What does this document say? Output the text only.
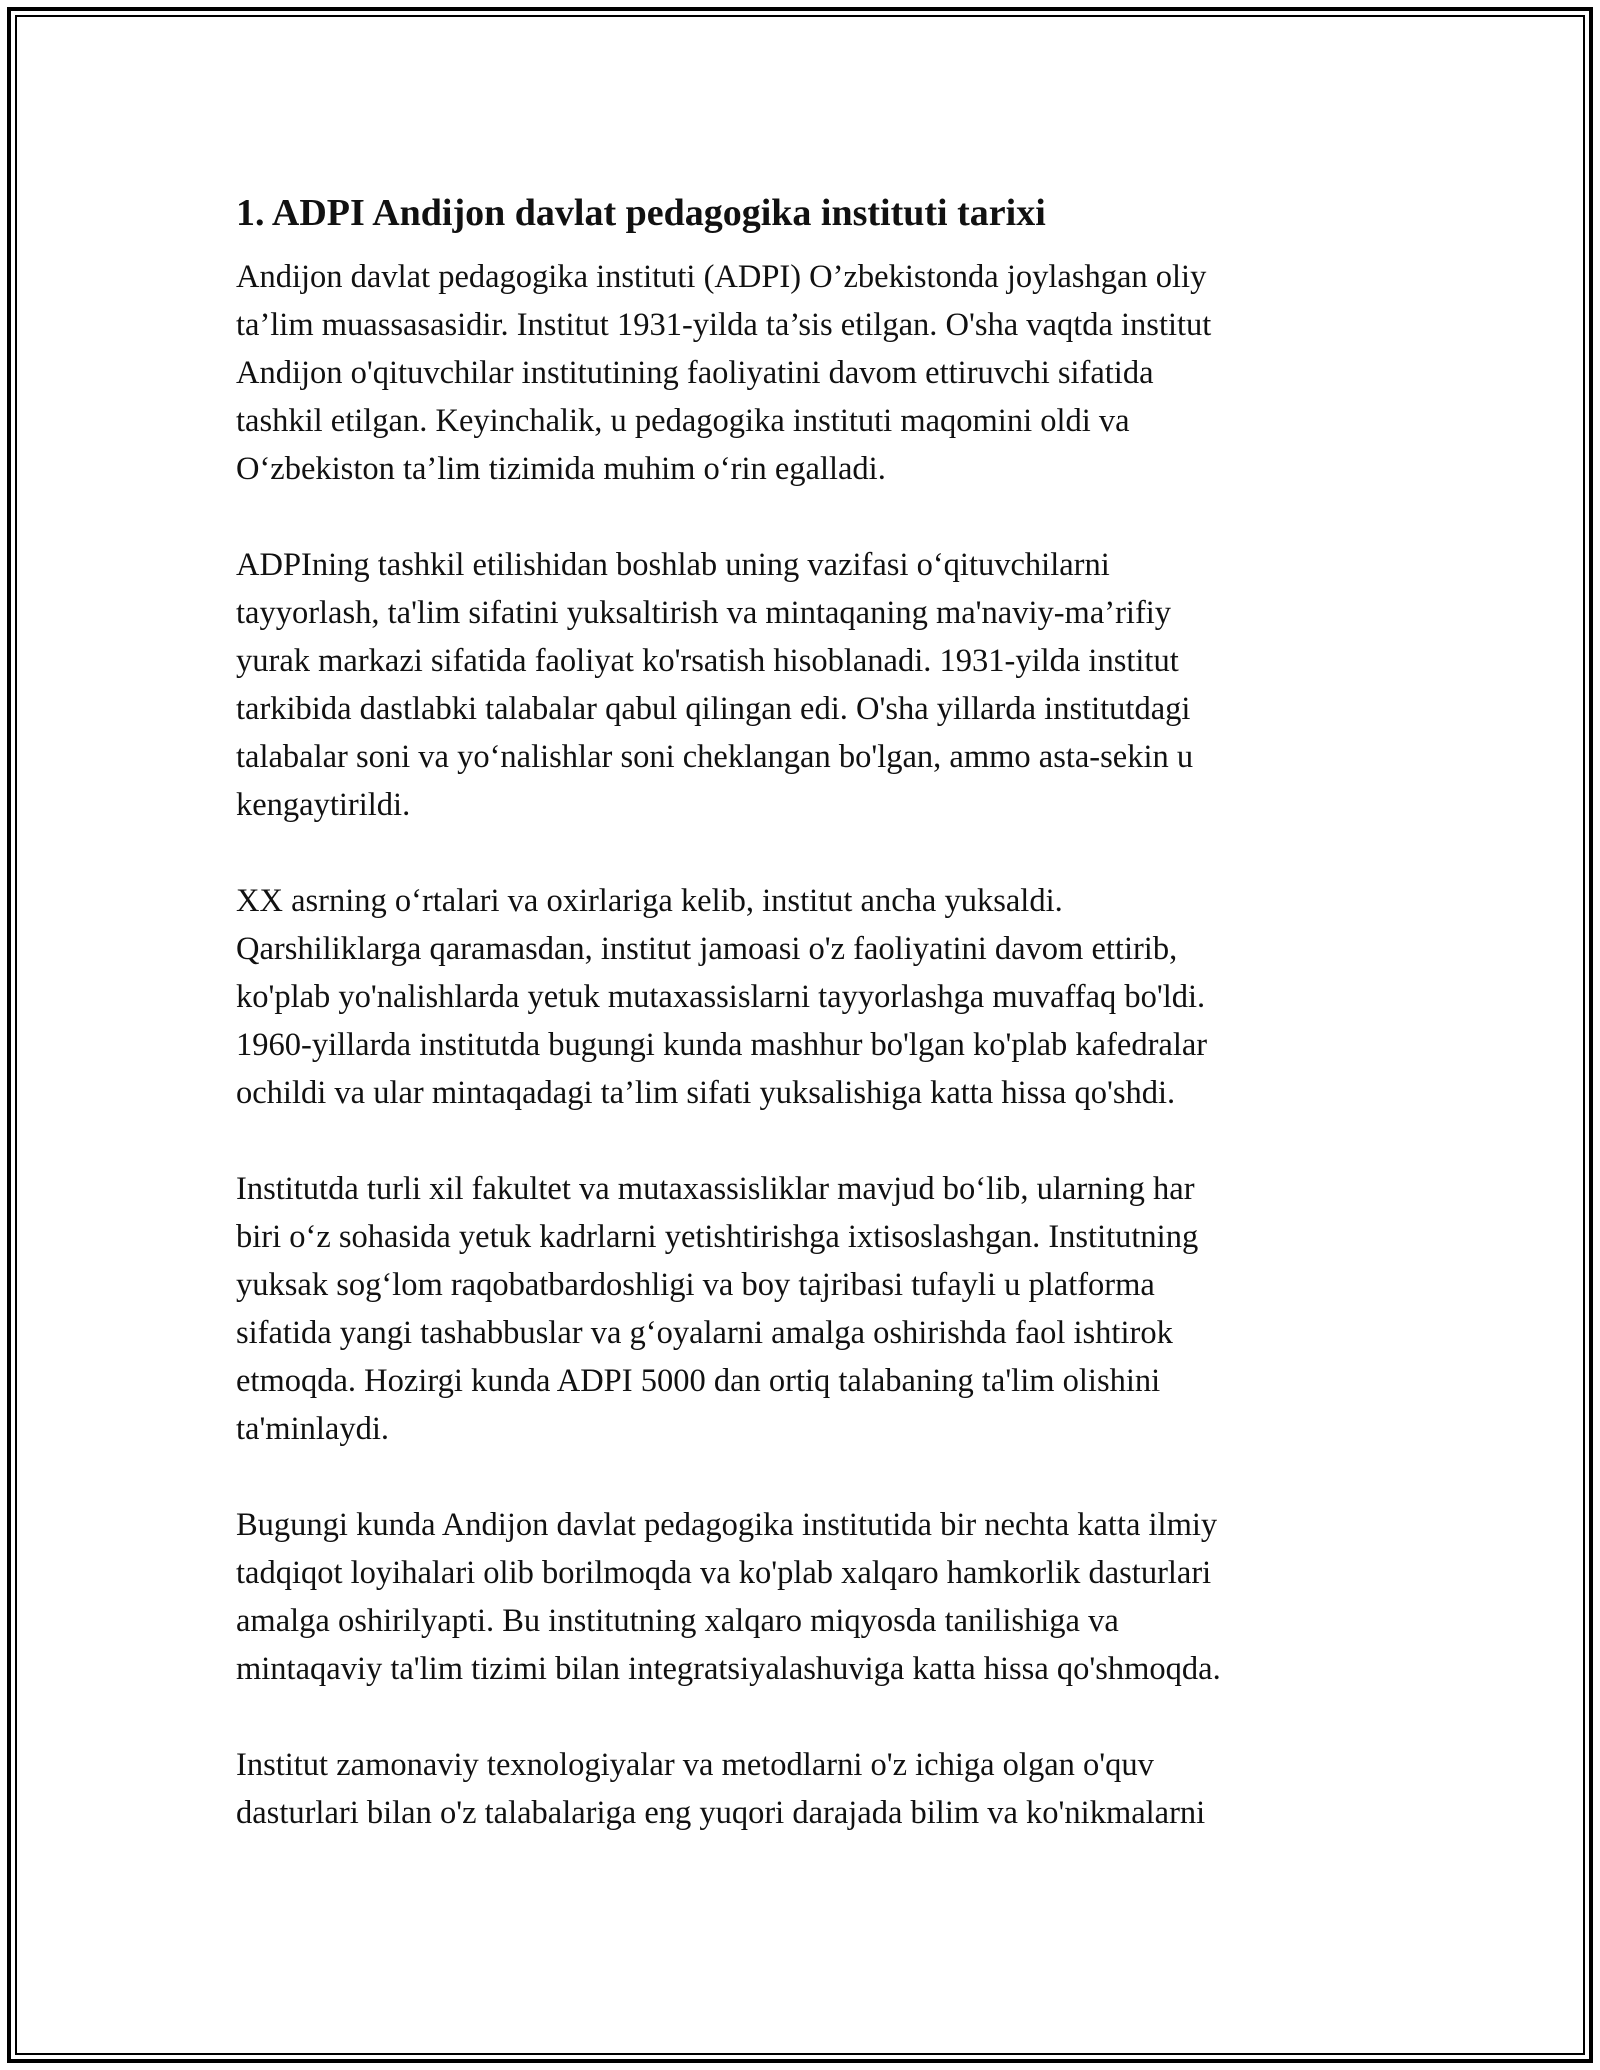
1. ADPI Andijon davlat pedagogika instituti tarixi
Andijon davlat pedagogika instituti (ADPI) O’zbekistonda joylashgan oliy
ta’lim muassasasidir. Institut 1931-yilda ta’sis etilgan. O'sha vaqtda institut
Andijon o'qituvchilar institutining faoliyatini davom ettiruvchi sifatida
tashkil etilgan. Keyinchalik, u pedagogika instituti maqomini oldi va
O‘zbekiston ta’lim tizimida muhim o‘rin egalladi.
ADPIning tashkil etilishidan boshlab uning vazifasi o‘qituvchilarni
tayyorlash, ta'lim sifatini yuksaltirish va mintaqaning ma'naviy-ma’rifiy
yurak markazi sifatida faoliyat ko'rsatish hisoblanadi. 1931-yilda institut
tarkibida dastlabki talabalar qabul qilingan edi. O'sha yillarda institutdagi
talabalar soni va yo‘nalishlar soni cheklangan bo'lgan, ammo asta-sekin u
kengaytirildi.
XX asrning o‘rtalari va oxirlariga kelib, institut ancha yuksaldi.
Qarshiliklarga qaramasdan, institut jamoasi o'z faoliyatini davom ettirib,
ko'plab yo'nalishlarda yetuk mutaxassislarni tayyorlashga muvaffaq bo'ldi.
1960-yillarda institutda bugungi kunda mashhur bo'lgan ko'plab kafedralar
ochildi va ular mintaqadagi ta’lim sifati yuksalishiga katta hissa qo'shdi.
Institutda turli xil fakultet va mutaxassisliklar mavjud bo‘lib, ularning har
biri o‘z sohasida yetuk kadrlarni yetishtirishga ixtisoslashgan. Institutning
yuksak sog‘lom raqobatbardoshligi va boy tajribasi tufayli u platforma
sifatida yangi tashabbuslar va g‘oyalarni amalga oshirishda faol ishtirok
etmoqda. Hozirgi kunda ADPI 5000 dan ortiq talabaning ta'lim olishini
ta'minlaydi.
Bugungi kunda Andijon davlat pedagogika institutida bir nechta katta ilmiy
tadqiqot loyihalari olib borilmoqda va ko'plab xalqaro hamkorlik dasturlari
amalga oshirilyapti. Bu institutning xalqaro miqyosda tanilishiga va
mintaqaviy ta'lim tizimi bilan integratsiyalashuviga katta hissa qo'shmoqda.
Institut zamonaviy texnologiyalar va metodlarni o'z ichiga olgan o'quv
dasturlari bilan o'z talabalariga eng yuqori darajada bilim va ko'nikmalarni
